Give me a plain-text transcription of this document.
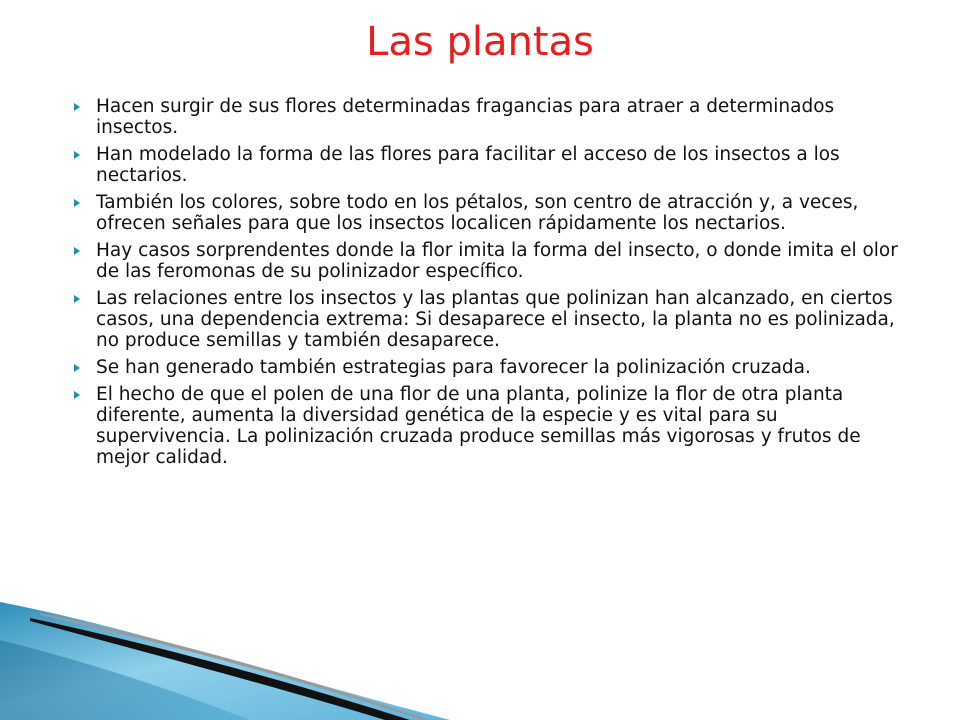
Las plantas
Hacen surgir de sus flores determinadas fragancias para atraer a determinados insectos.
Han modelado la forma de las flores para facilitar el acceso de los insectos a los nectarios.
También los colores, sobre todo en los pétalos, son centro de atracción y, a veces, ofrecen señales para que los insectos localicen rápidamente los nectarios.
Hay casos sorprendentes donde la flor imita la forma del insecto, o donde imita el olor de las feromonas de su polinizador específico.
Las relaciones entre los insectos y las plantas que polinizan han alcanzado, en ciertos casos, una dependencia extrema: Si desaparece el insecto, la planta no es polinizada, no produce semillas y también desaparece.
Se han generado también estrategias para favorecer la polinización cruzada.
El hecho de que el polen de una flor de una planta, polinize la flor de otra planta diferente, aumenta la diversidad genética de la especie y es vital para su supervivencia. La polinización cruzada produce semillas más vigorosas y frutos de mejor calidad.
